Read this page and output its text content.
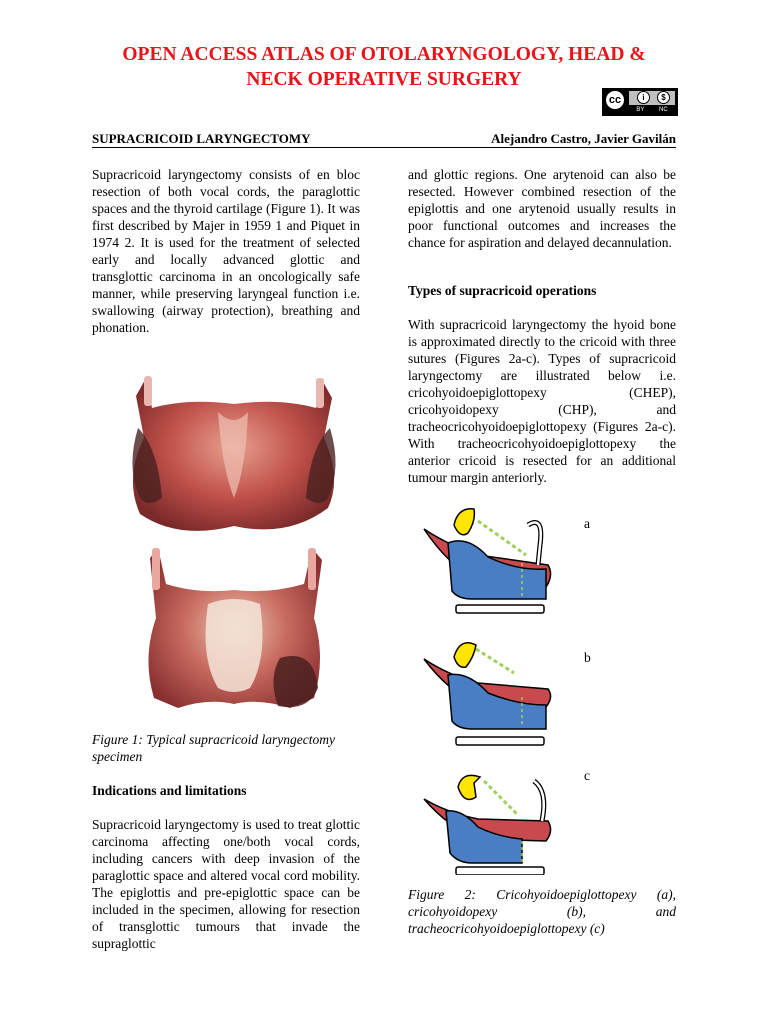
OPEN ACCESS ATLAS OF OTOLARYNGOLOGY, HEAD &
NECK OPERATIVE SURGERY
cc	i	$
BY NC
SUPRACRICOID LARYNGECTOMY	Alejandro Castro, Javier Gavilán

Supracricoid laryngectomy consists of en bloc resection of both vocal cords, the paraglottic spaces and the thyroid cartilage (Figure 1). It was first described by Majer in 1959 1 and Piquet in 1974 2. It is used for the treatment of selected early and locally advanced glottic and transglottic carcinoma in an oncologically safe manner, while preserving laryngeal function i.e. swallowing (airway protection), breathing and phonation.

Figure 1: Typical supracricoid laryngectomy specimen

Indications and limitations

Supracricoid laryngectomy is used to treat glottic carcinoma affecting one/both vocal cords, including cancers with deep invasion of the paraglottic space and altered vocal cord mobility. The epiglottis and pre-epiglottic space can be included in the specimen, allowing for resection of transglottic tumours that invade the supraglottic

and glottic regions. One arytenoid can also be resected. However combined resection of the epiglottis and one arytenoid usually results in poor functional outcomes and increases the chance for aspiration and delayed decannulation.

Types of supracricoid operations

With supracricoid laryngectomy the hyoid bone is approximated directly to the cricoid with three sutures (Figures 2a-c). Types of supracricoid laryngectomy are illustrated below i.e. cricohyoidoepiglottopexy (CHEP), cricohyoidopexy (CHP), and tracheocricohyoidoepiglottopexy (Figures 2a-c). With tracheocricohyoidoepiglottopexy the anterior cricoid is resected for an additional tumour margin anteriorly.

a
b
c

Figure 2: Cricohyoidoepiglottopexy (a), cricohyoidopexy (b), and tracheocricohyoidoepiglottopexy (c)
